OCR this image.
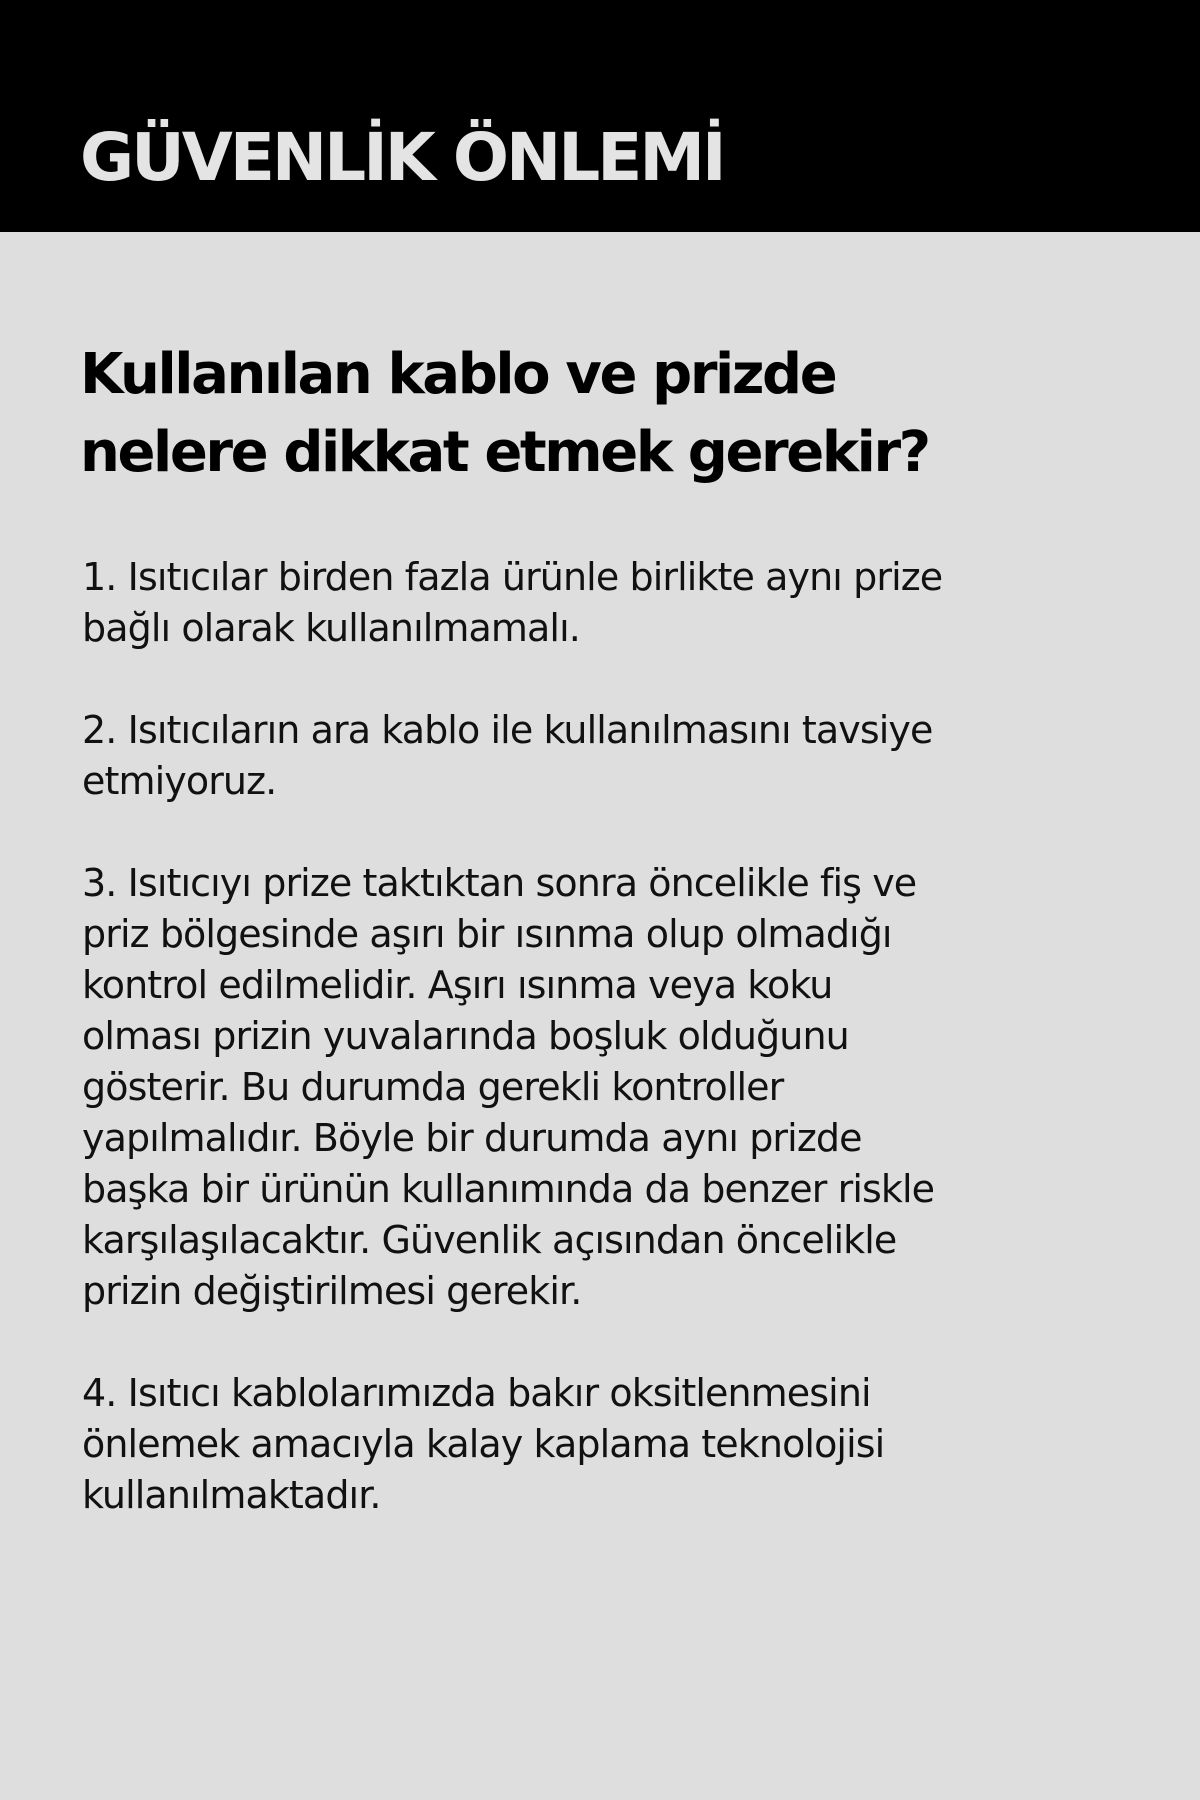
GÜVENLİK ÖNLEMİ
Kullanılan kablo ve prizde
nelere dikkat etmek gerekir?
1. Isıtıcılar birden fazla ürünle birlikte aynı prize
bağlı olarak kullanılmamalı.
2. Isıtıcıların ara kablo ile kullanılmasını tavsiye
etmiyoruz.
3. Isıtıcıyı prize taktıktan sonra öncelikle fiş ve
priz bölgesinde aşırı bir ısınma olup olmadığı
kontrol edilmelidir. Aşırı ısınma veya koku
olması prizin yuvalarında boşluk olduğunu
gösterir. Bu durumda gerekli kontroller
yapılmalıdır. Böyle bir durumda aynı prizde
başka bir ürünün kullanımında da benzer riskle
karşılaşılacaktır. Güvenlik açısından öncelikle
prizin değiştirilmesi gerekir.
4. Isıtıcı kablolarımızda bakır oksitlenmesini
önlemek amacıyla kalay kaplama teknolojisi
kullanılmaktadır.
